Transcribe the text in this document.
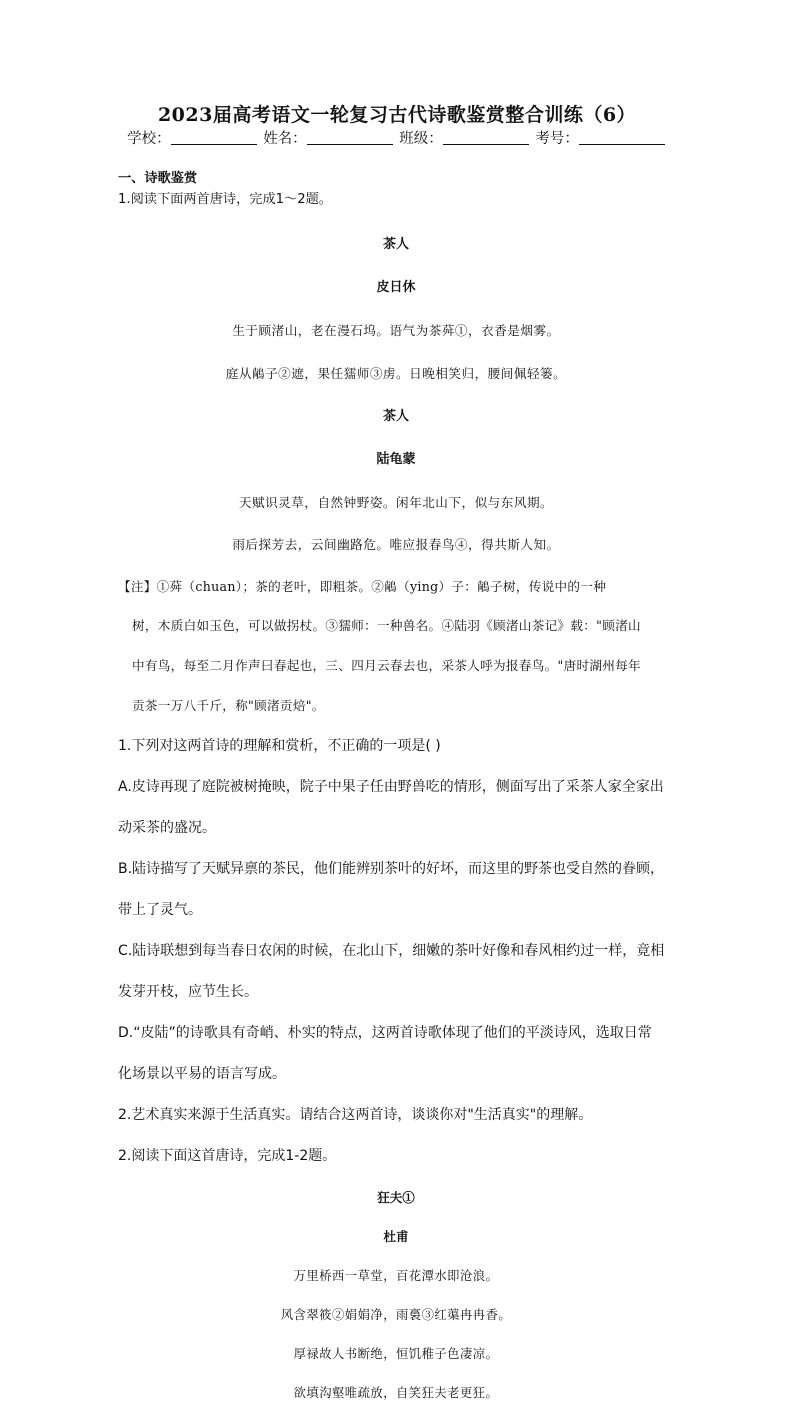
2023届高考语文一轮复习古代诗歌鉴赏整合训练（6）
学校：	姓名：	班级：	考号：

一、诗歌鉴赏

1.阅读下面两首唐诗，完成1～2题。

茶人

皮日休

生于顾渚山，老在漫石坞。语气为茶荈①，衣香是烟雾。

庭从𪁺子②遮，果任獳师③虏。日晚相笑归，腰间佩轻篓。

茶人

陆龟蒙

天赋识灵草，自然钟野姿。闲年北山下，似与东风期。

雨后探芳去，云间幽路危。唯应报春鸟④，得共斯人知。

【注】①荈（chuan）；茶的老叶，即粗茶。②𪁺（ying）子：𪁺子树，传说中的一种

树，木质白如玉色，可以做拐杖。③獳师：一种兽名。④陆羽《顾渚山茶记》载："顾渚山

中有鸟，每至二月作声曰春起也，三、四月云春去也，采茶人呼为报春鸟。"唐时湖州每年

贡茶一万八千斤，称"顾渚贡焙"。

1.下列对这两首诗的理解和赏析，不正确的一项是( )

A.皮诗再现了庭院被树掩映，院子中果子任由野兽吃的情形，侧面写出了采茶人家全家出

动采茶的盛况。

B.陆诗描写了天赋异禀的茶民，他们能辨别茶叶的好坏，而这里的野茶也受自然的眷顾，

带上了灵气。

C.陆诗联想到每当春日农闲的时候，在北山下，细嫩的茶叶好像和春风相约过一样，竟相

发芽开枝，应节生长。

D.“皮陆”的诗歌具有奇峭、朴实的特点，这两首诗歌体现了他们的平淡诗风，选取日常

化场景以平易的语言写成。

2.艺术真实来源于生活真实。请结合这两首诗，谈谈你对"生活真实"的理解。

2.阅读下面这首唐诗，完成1-2题。

狂夫①

杜甫

万里桥西一草堂，百花潭水即沧浪。

风含翠筱②娟娟净，雨裛③红蕖冉冉香。

厚禄故人书断绝，恒饥稚子色凄凉。

欲填沟壑唯疏放，自笑狂夫老更狂。
